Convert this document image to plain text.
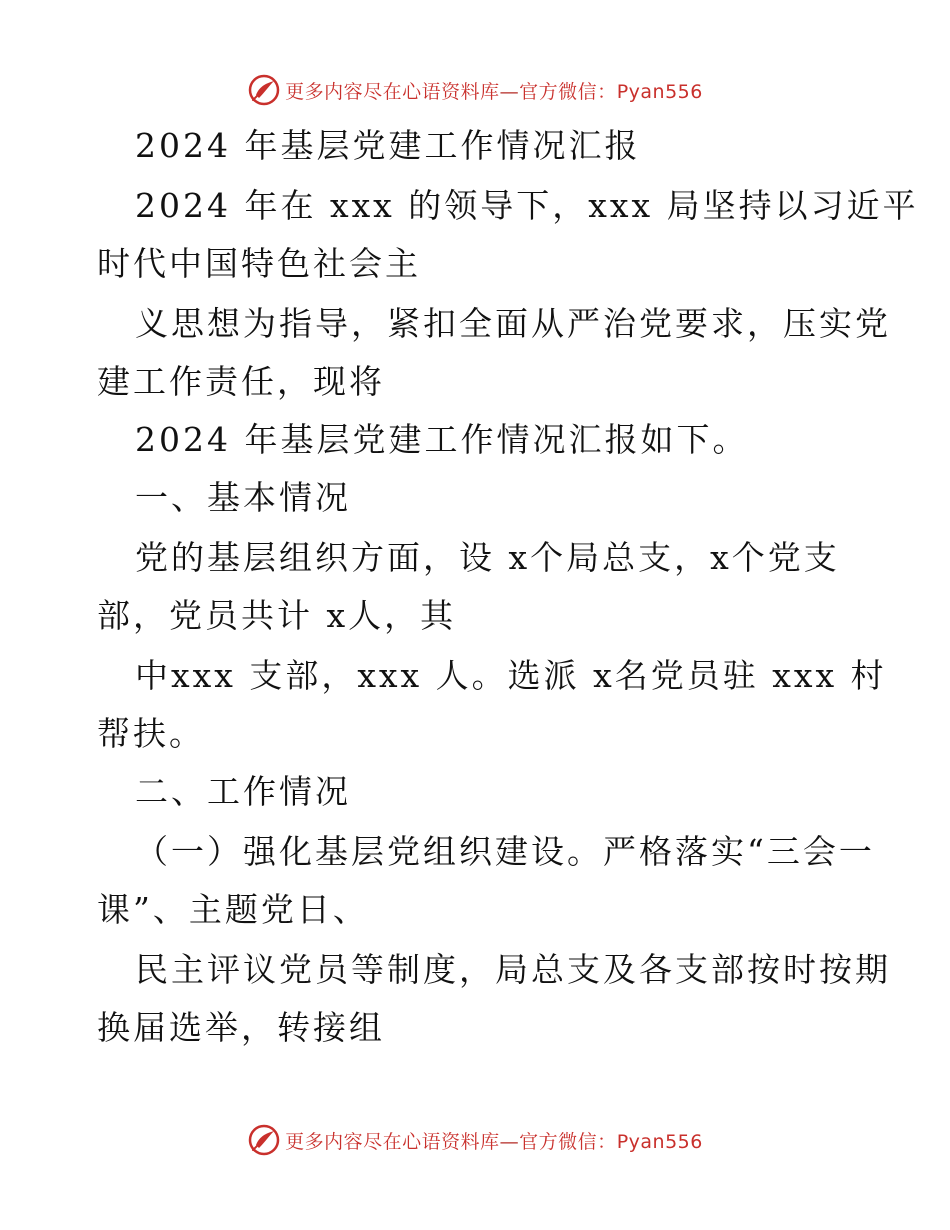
更多内容尽在心语资料库—官方微信：Pyan556
2024 年基层党建工作情况汇报
2024 年在 xxx 的领导下，xxx 局坚持以习近平
时代中国特色社会主
义思想为指导，紧扣全面从严治党要求，压实党
建工作责任，现将
2024 年基层党建工作情况汇报如下。
一、基本情况
党的基层组织方面，设 x个局总支，x个党支
部，党员共计 x人，其
中xxx 支部，xxx 人。选派 x名党员驻 xxx 村
帮扶。
二、工作情况
（一）强化基层党组织建设。严格落实“三会一
课”、主题党日、
民主评议党员等制度，局总支及各支部按时按期
换届选举，转接组
更多内容尽在心语资料库—官方微信：Pyan556
